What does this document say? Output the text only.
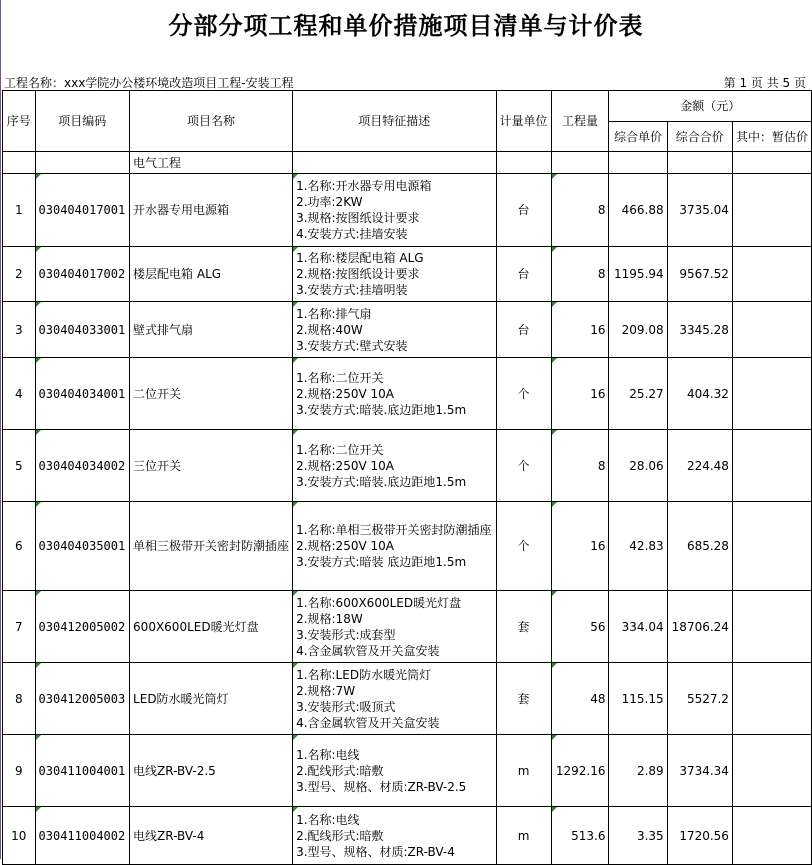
分部分项工程和单价措施项目清单与计价表
工程名称：xxx学院办公楼环境改造项目工程-安装工程	第 1 页 共 5 页
序号	项目编码	项目名称	项目特征描述	计量单位	工程量	金额（元）		
						综合单价	综合合价	其中：暂估价
		电气工程						
1	030404017001	开水器专用电源箱	1.名称:开水器专用电源箱
2.功率:2KW
3.规格:按图纸设计要求
4.安装方式:挂墙安装	台	8	466.88	3735.04	
2	030404017002	楼层配电箱 ALG	1.名称:楼层配电箱 ALG
2.规格:按图纸设计要求
3.安装方式:挂墙明装	台	8	1195.94	9567.52	
3	030404033001	壁式排气扇	1.名称:排气扇
2.规格:40W
3.安装方式:壁式安装	台	16	209.08	3345.28	
4	030404034001	二位开关	1.名称:二位开关
2.规格:250V 10A
3.安装方式:暗装.底边距地1.5m	个	16	25.27	404.32	
5	030404034002	三位开关	1.名称:二位开关
2.规格:250V 10A
3.安装方式:暗装.底边距地1.5m	个	8	28.06	224.48	
6	030404035001	单相三极带开关密封防潮插座	1.名称:单相三极带开关密封防潮插座
2.规格:250V 10A
3.安装方式:暗装 底边距地1.5m	个	16	42.83	685.28	
7	030412005002	600X600LED暖光灯盘	1.名称:600X600LED暖光灯盘
2.规格:18W
3.安装形式:成套型
4.含金属软管及开关盒安装	套	56	334.04	18706.24	
8	030412005003	LED防水暖光筒灯	1.名称:LED防水暖光筒灯
2.规格:7W
3.安装形式:吸顶式
4.含金属软管及开关盒安装	套	48	115.15	5527.2	
9	030411004001	电线ZR-BV-2.5	1.名称:电线
2.配线形式:暗敷
3.型号、规格、材质:ZR-BV-2.5	m	1292.16	2.89	3734.34	
10	030411004002	电线ZR-BV-4	1.名称:电线
2.配线形式:暗敷
3.型号、规格、材质:ZR-BV-4	m	513.6	3.35	1720.56	
